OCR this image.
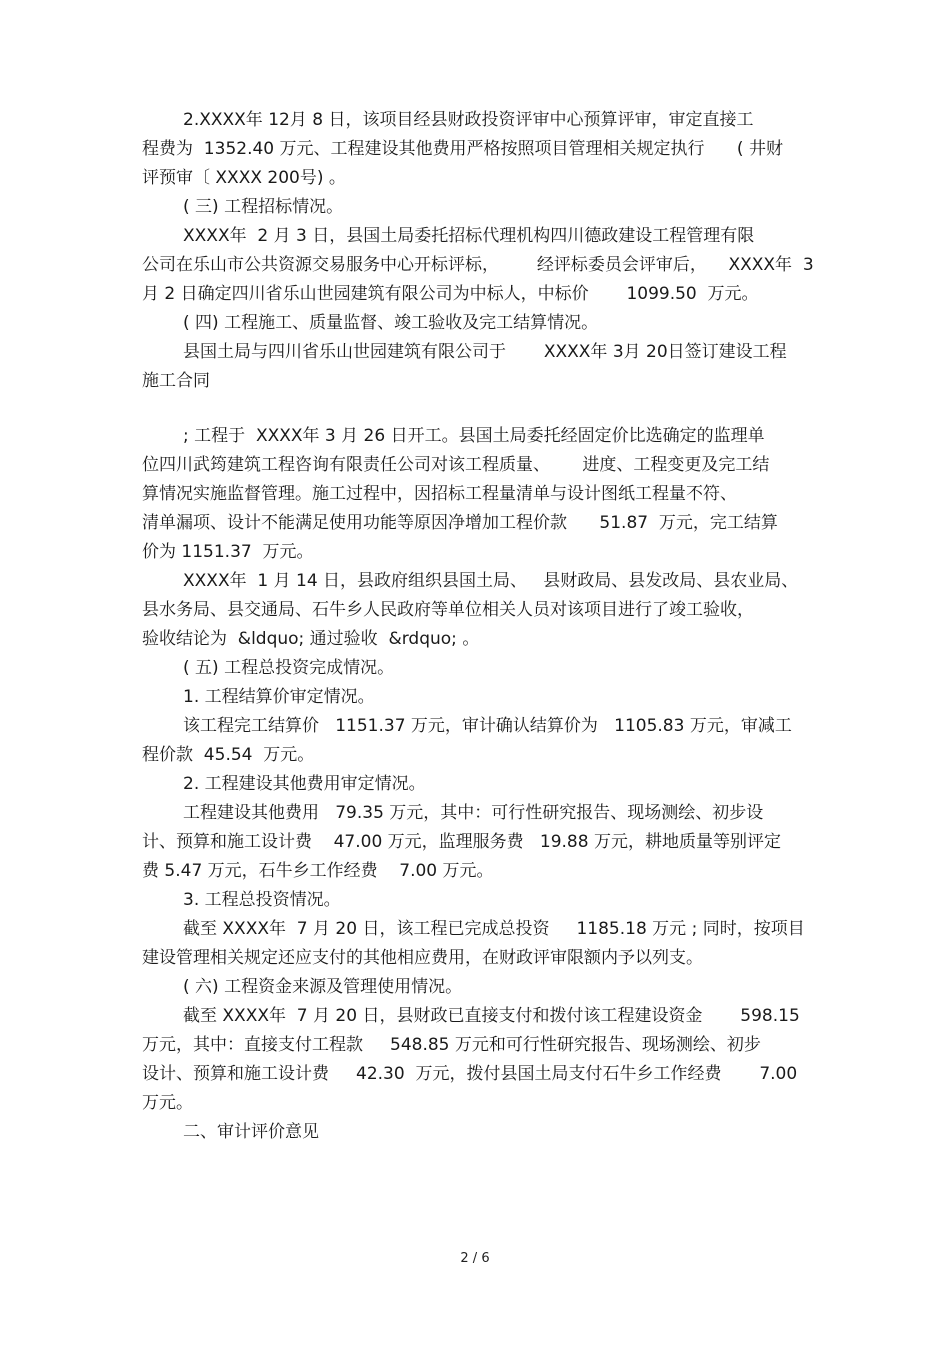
2.XXXX年 12月 8 日，该项目经县财政投资评审中心预算评审，审定直接工
程费为  1352.40 万元、工程建设其他费用严格按照项目管理相关规定执行      ( 井财
评预审〔 XXXX 200号) 。
( 三) 工程招标情况。
XXXX年  2 月 3 日，县国土局委托招标代理机构四川德政建设工程管理有限
公司在乐山市公共资源交易服务中心开标评标，       经评标委员会评审后，    XXXX年  3
月 2 日确定四川省乐山世园建筑有限公司为中标人，中标价       1099.50  万元。
( 四) 工程施工、质量监督、竣工验收及完工结算情况。
县国土局与四川省乐山世园建筑有限公司于       XXXX年 3月 20日签订建设工程
施工合同
; 工程于  XXXX年 3 月 26 日开工。县国土局委托经固定价比选确定的监理单
位四川武筠建筑工程咨询有限责任公司对该工程质量、      进度、工程变更及完工结
算情况实施监督管理。施工过程中，因招标工程量清单与设计图纸工程量不符、
清单漏项、设计不能满足使用功能等原因净增加工程价款      51.87  万元，完工结算
价为 1151.37  万元。
XXXX年  1 月 14 日，县政府组织县国土局、   县财政局、县发改局、县农业局、
县水务局、县交通局、石牛乡人民政府等单位相关人员对该项目进行了竣工验收，
验收结论为  &ldquo; 通过验收  &rdquo; 。
( 五) 工程总投资完成情况。
1. 工程结算价审定情况。
该工程完工结算价   1151.37 万元，审计确认结算价为   1105.83 万元，审减工
程价款  45.54  万元。
2. 工程建设其他费用审定情况。
工程建设其他费用   79.35 万元，其中：可行性研究报告、现场测绘、初步设
计、预算和施工设计费    47.00 万元，监理服务费   19.88 万元，耕地质量等别评定
费 5.47 万元，石牛乡工作经费    7.00 万元。
3. 工程总投资情况。
截至 XXXX年  7 月 20 日，该工程已完成总投资     1185.18 万元 ; 同时，按项目
建设管理相关规定还应支付的其他相应费用，在财政评审限额内予以列支。
( 六) 工程资金来源及管理使用情况。
截至 XXXX年  7 月 20 日，县财政已直接支付和拨付该工程建设资金       598.15
万元，其中：直接支付工程款     548.85 万元和可行性研究报告、现场测绘、初步
设计、预算和施工设计费     42.30  万元，拨付县国土局支付石牛乡工作经费       7.00
万元。
二、审计评价意见
2 / 6
